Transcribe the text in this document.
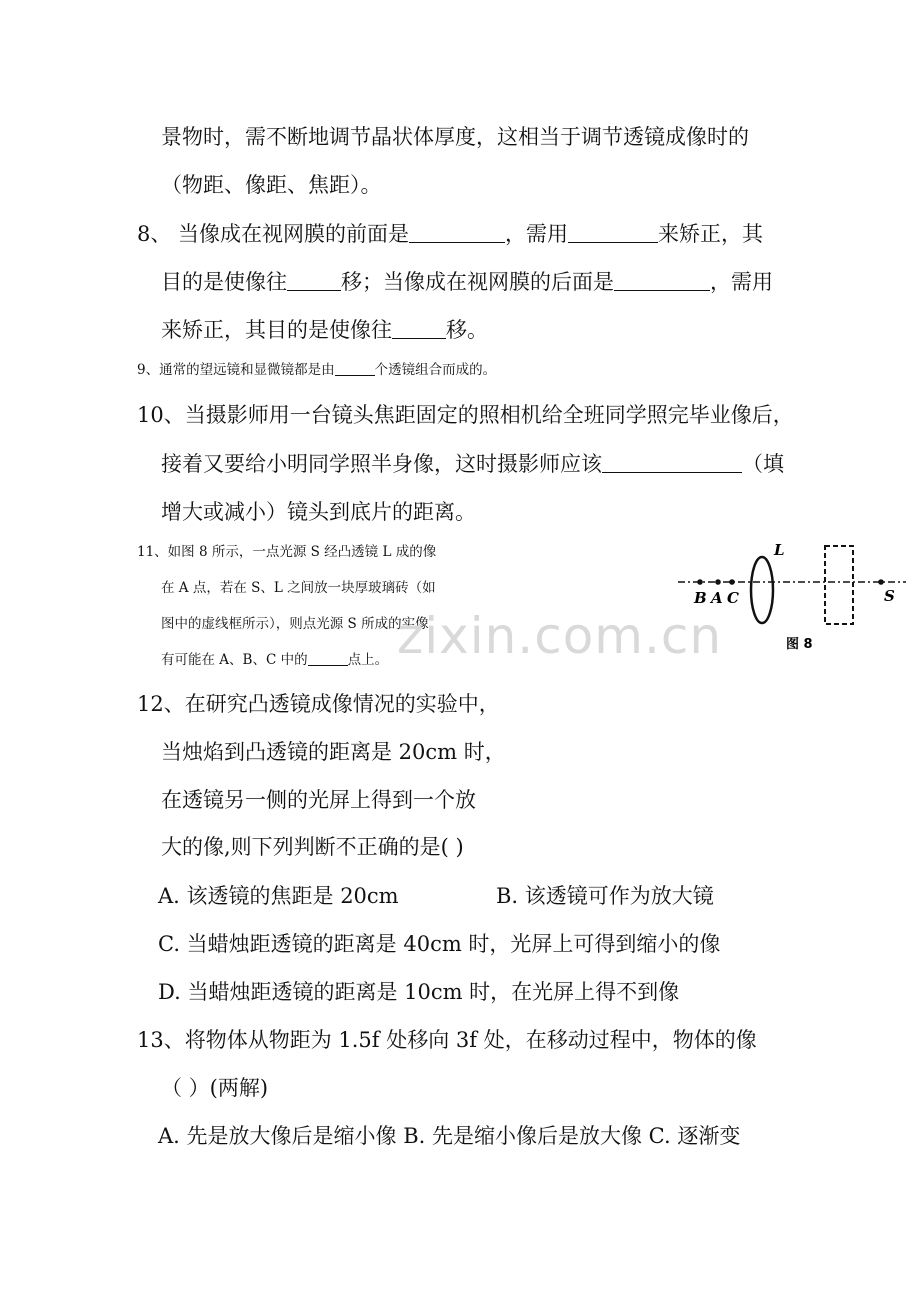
景物时，需不断地调节晶状体厚度，这相当于调节透镜成像时的
（物距、像距、焦距）。
8、 当像成在视网膜的前面是	，需用	来矫正，其
目的是使像往	移；当像成在视网膜的后面是	，需用
来矫正，其目的是使像往	移。
9、通常的望远镜和显微镜都是由	个透镜组合而成的。
10、当摄影师用一台镜头焦距固定的照相机给全班同学照完毕业像后，
接着又要给小明同学照半身像，这时摄影师应该	（填
增大或减小）镜头到底片的距离。
11、如图 8 所示，一点光源 S 经凸透镜 L 成的像
在 A 点，若在 S、L 之间放一块厚玻璃砖（如
图中的虚线框所示），则点光源 S 所成的实像
有可能在 A、B、C 中的	点上。
B A C
L
S
图 8
zixin.com.cn
12、在研究凸透镜成像情况的实验中，
当烛焰到凸透镜的距离是 20cm 时，
在透镜另一侧的光屏上得到一个放
大的像,则下列判断不正确的是( )
A. 该透镜的焦距是 20cm	B. 该透镜可作为放大镜
C. 当蜡烛距透镜的距离是 40cm 时，光屏上可得到缩小的像
D. 当蜡烛距透镜的距离是 10cm 时，在光屏上得不到像
13、将物体从物距为 1.5f 处移向 3f 处，在移动过程中，物体的像
（ ）(两解)
A. 先是放大像后是缩小像 B. 先是缩小像后是放大像 C. 逐渐变
